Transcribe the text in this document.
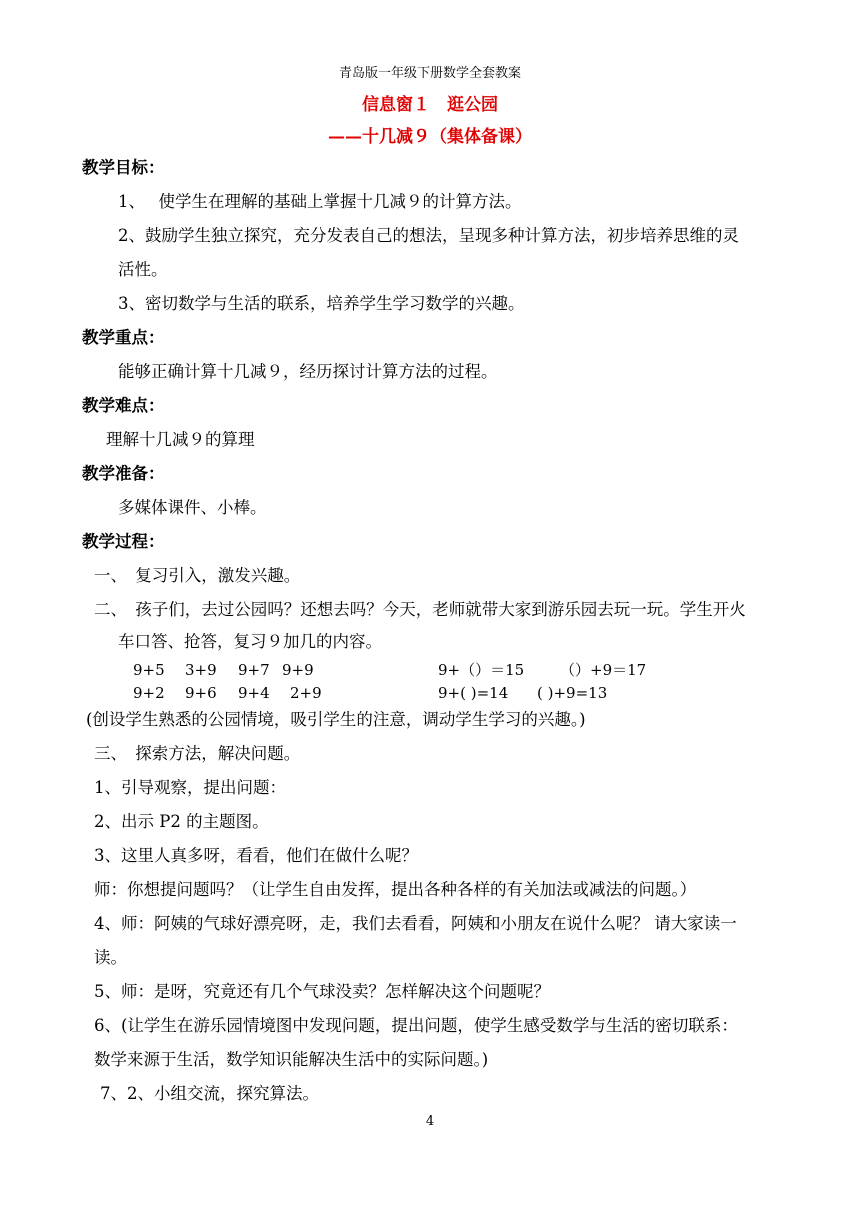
青岛版一年级下册数学全套教案
信息窗１　逛公园
——十几减９（集体备课）
教学目标：
1、　 使学生在理解的基础上掌握十几减９的计算方法。
2、鼓励学生独立探究，充分发表自己的想法，呈现多种计算方法，初步培养思维的灵
活性。
3、密切数学与生活的联系，培养学生学习数学的兴趣。
教学重点：
能够正确计算十几减９，经历探讨计算方法的过程。
教学难点：
理解十几减９的算理
教学准备：
多媒体课件、小棒。
教学过程：
一、　复习引入，激发兴趣。
二、　孩子们，去过公园吗？还想去吗？今天，老师就带大家到游乐园去玩一玩。学生开火
车口答、抢答，复习９加几的内容。
9+5 3+9 9+7 9+9	9+（）＝15 （）+9＝17
9+2 9+6 9+4 2+9	9+( )=14 ( )+9=13
(创设学生熟悉的公园情境，吸引学生的注意，调动学生学习的兴趣。)
三、　探索方法，解决问题。
1、引导观察，提出问题：
2、出示 P2 的主题图。
3、这里人真多呀，看看，他们在做什么呢？
师：你想提问题吗？（让学生自由发挥，提出各种各样的有关加法或减法的问题。）
4、师：阿姨的气球好漂亮呀，走，我们去看看，阿姨和小朋友在说什么呢？ 请大家读一
读。
5、师：是呀，究竟还有几个气球没卖？怎样解决这个问题呢？
6、(让学生在游乐园情境图中发现问题，提出问题，使学生感受数学与生活的密切联系：
数学来源于生活，数学知识能解决生活中的实际问题。)
7、2、小组交流，探究算法。
4
